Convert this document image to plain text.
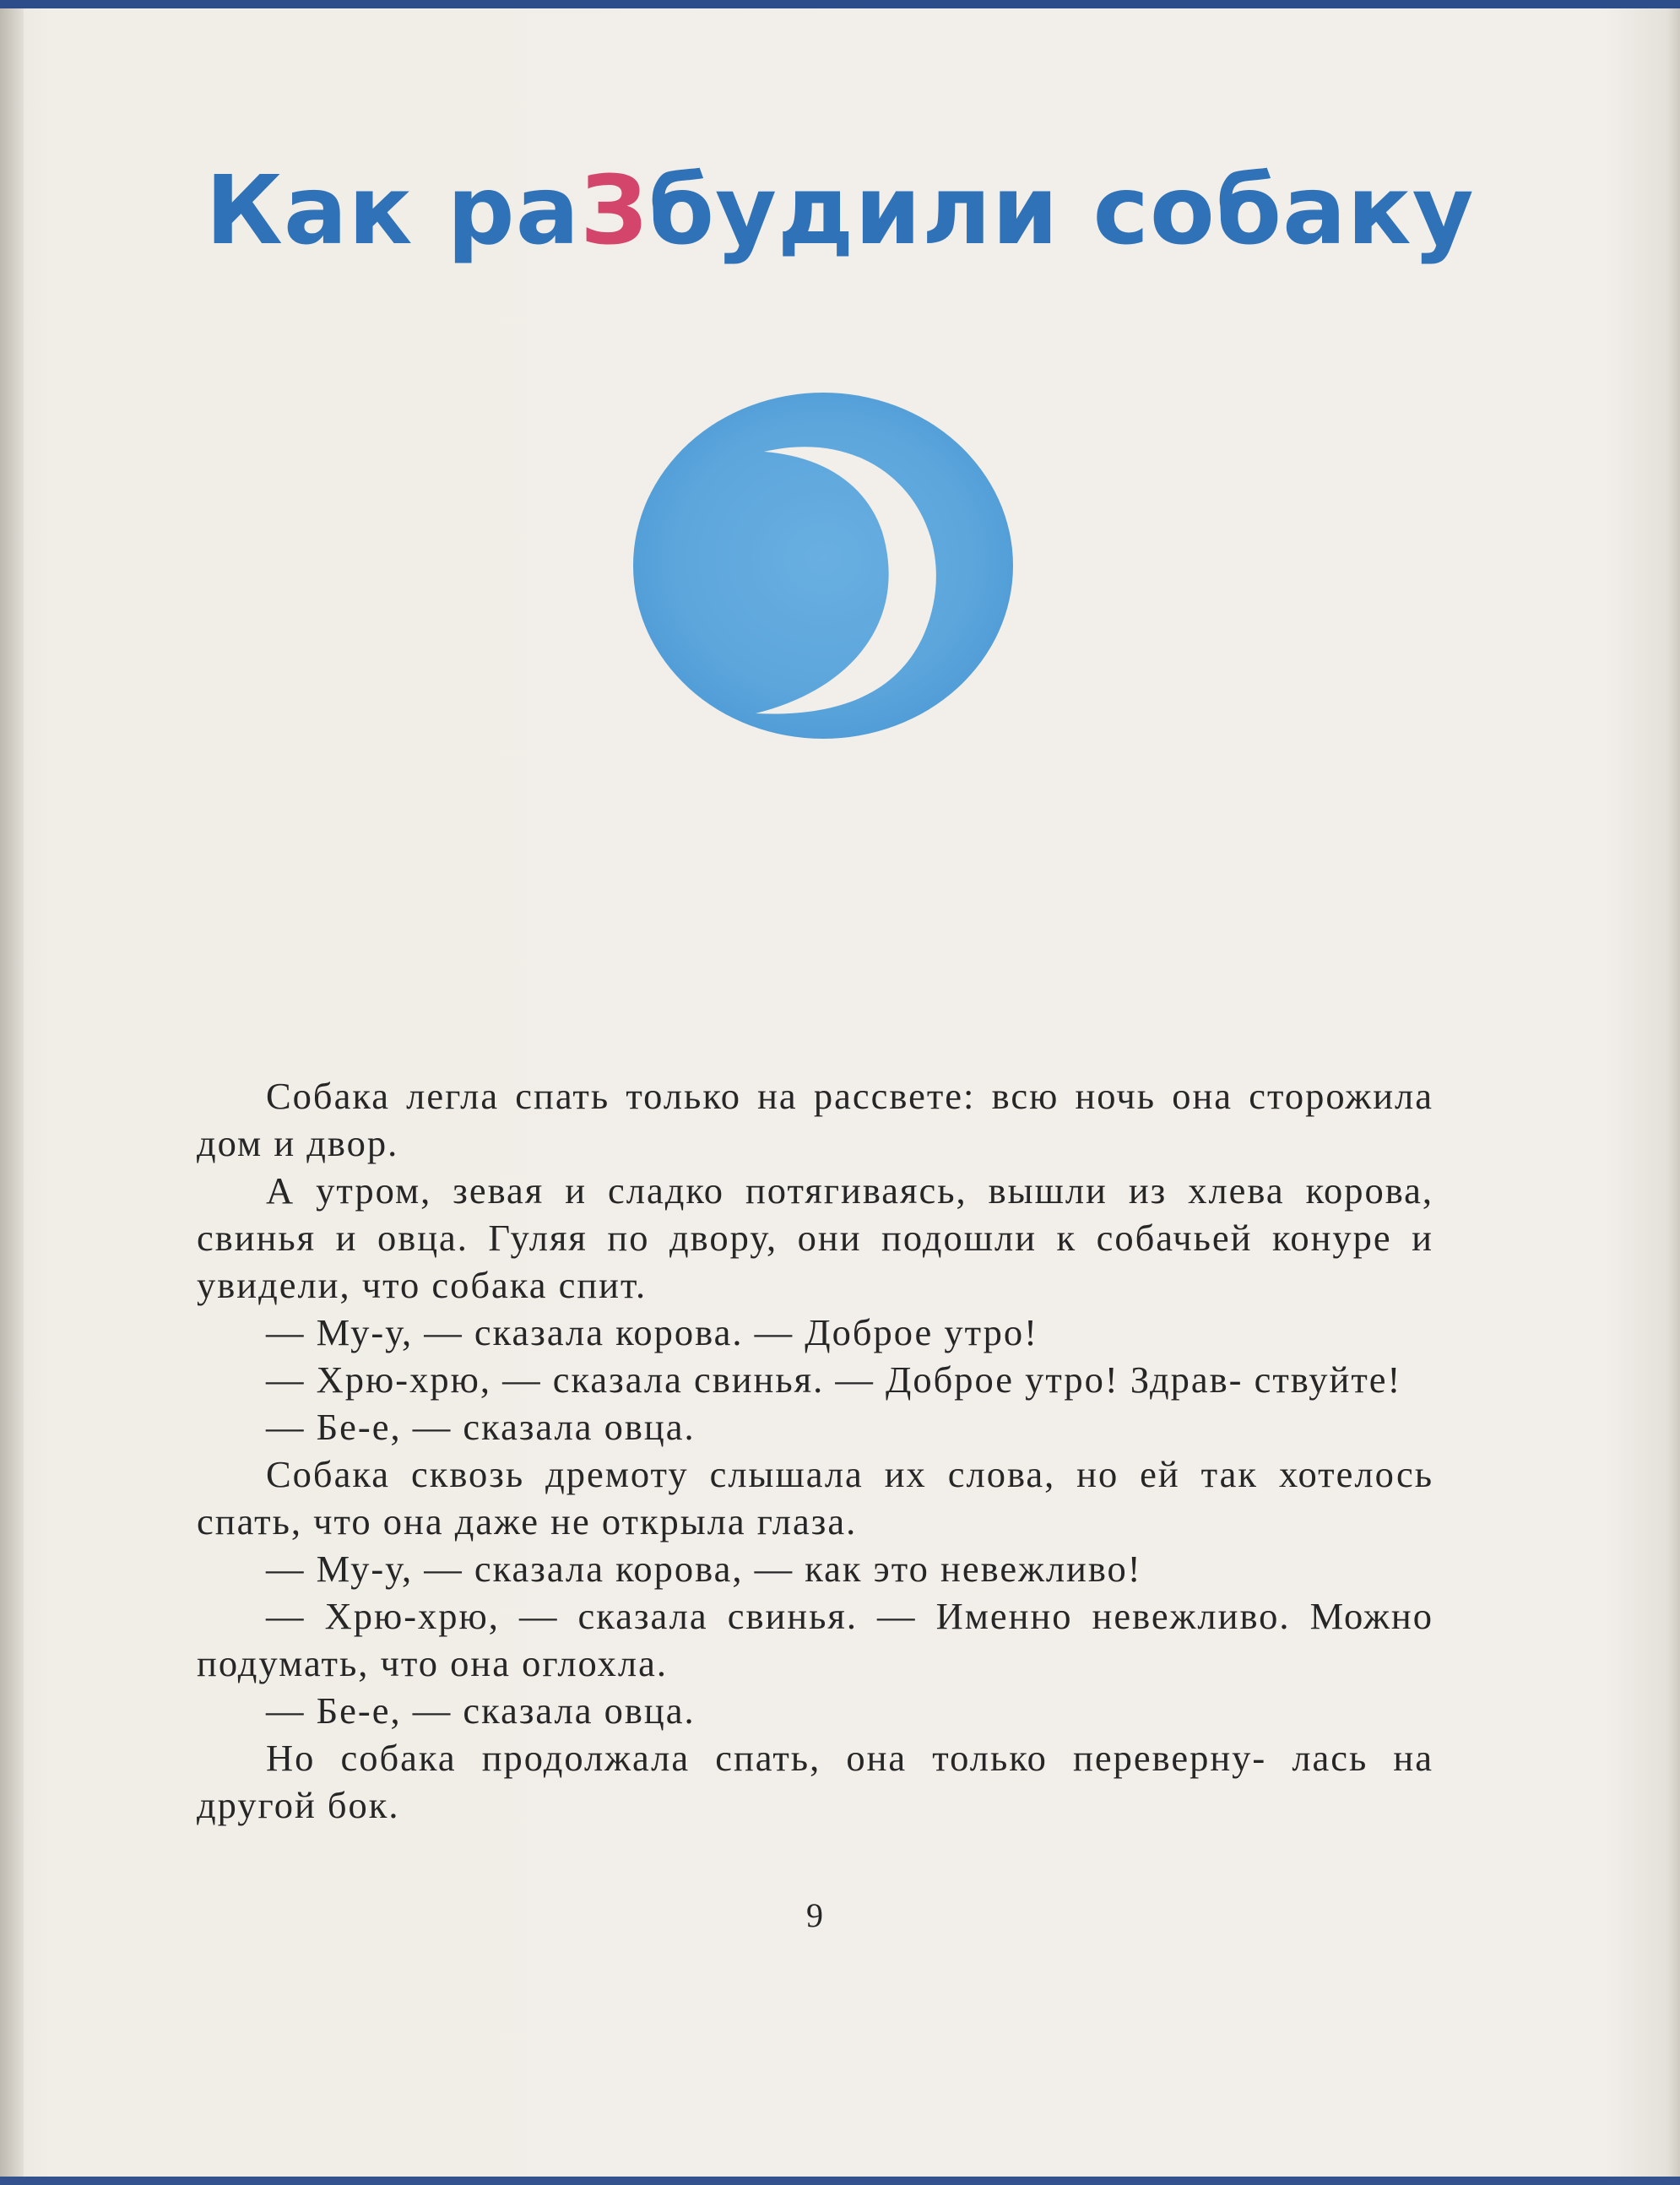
Как раЗбудили собаку

Собака легла спать только на рассвете: всю ночь она сторожила дом и двор.

А утром, зевая и сладко потягиваясь, вышли из хлева корова, свинья и овца. Гуляя по двору, они подошли к собачьей конуре и увидели, что собака спит.

— Му-у, — сказала корова. — Доброе утро!

— Хрю-хрю, — сказала свинья. — Доброе утро! Здрав- ствуйте!

— Бе-е, — сказала овца.

Собака сквозь дремоту слышала их слова, но ей так хотелось спать, что она даже не открыла глаза.

— Му-у, — сказала корова, — как это невежливо!

— Хрю-хрю, — сказала свинья. — Именно невежливо. Можно подумать, что она оглохла.

— Бе-е, — сказала овца.

Но собака продолжала спать, она только переверну- лась на другой бок.

9
